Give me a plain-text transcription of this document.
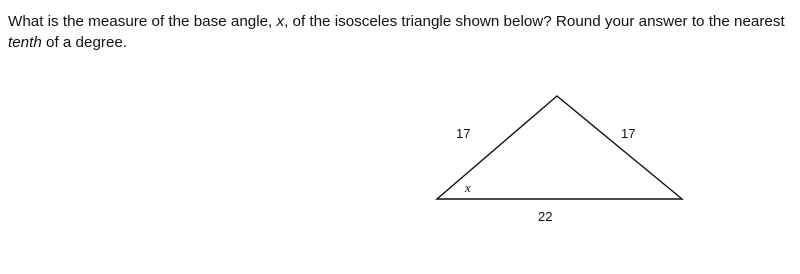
What is the measure of the base angle, x, of the isosceles triangle shown below? Round your answer to the nearest tenth of a degree.
17	17
22
x
